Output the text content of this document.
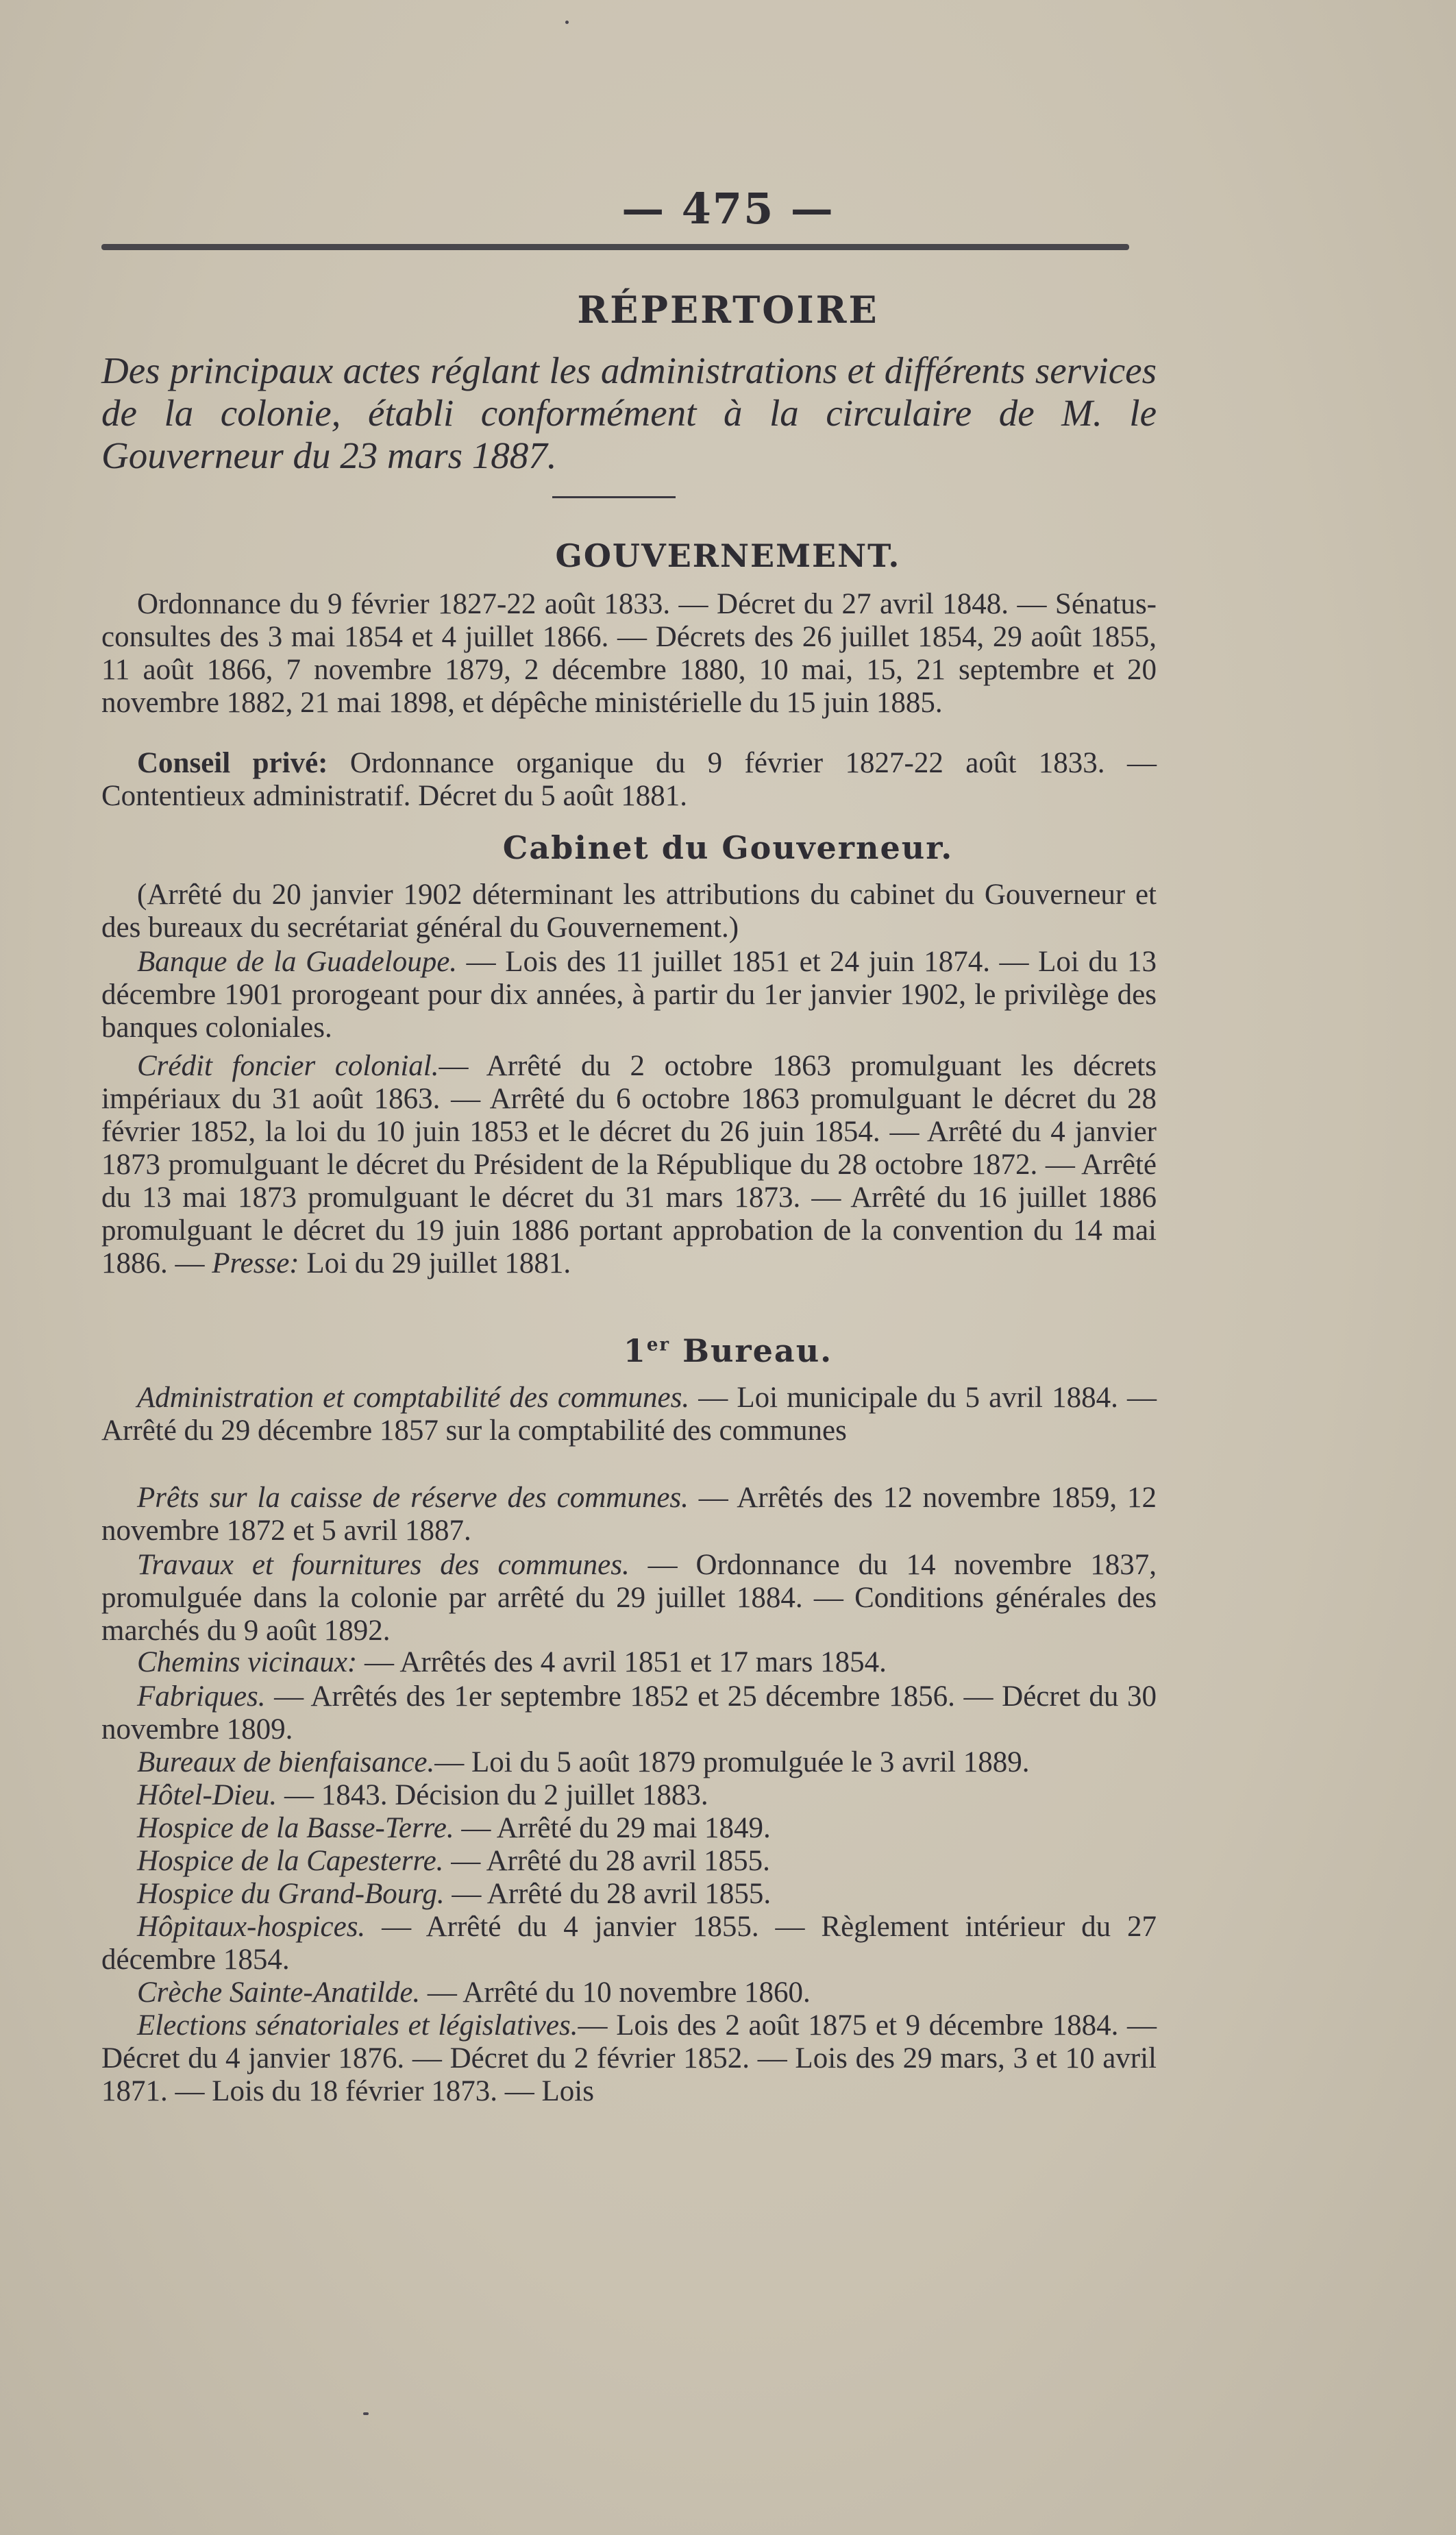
— 475 —
RÉPERTOIRE
Des principaux actes réglant les administrations et différents services de la colonie, établi conformément à la circulaire de M. le Gouverneur du 23 mars 1887.
GOUVERNEMENT.
Ordonnance du 9 février 1827-22 août 1833. — Décret du 27 avril 1848. — Sénatus-consultes des 3 mai 1854 et 4 juillet 1866. — Décrets des 26 juillet 1854, 29 août 1855, 11 août 1866, 7 novembre 1879, 2 décembre 1880, 10 mai, 15, 21 septembre et 20 novembre 1882, 21 mai 1898, et dépêche ministérielle du 15 juin 1885.
Conseil privé: Ordonnance organique du 9 février 1827-22 août 1833. — Contentieux administratif. Décret du 5 août 1881.
Cabinet du Gouverneur.
(Arrêté du 20 janvier 1902 déterminant les attributions du cabinet du Gouverneur et des bureaux du secrétariat général du Gouvernement.)
Banque de la Guadeloupe. — Lois des 11 juillet 1851 et 24 juin 1874. — Loi du 13 décembre 1901 prorogeant pour dix années, à partir du 1er janvier 1902, le privilège des banques coloniales.
Crédit foncier colonial.— Arrêté du 2 octobre 1863 promulguant les décrets impériaux du 31 août 1863. — Arrêté du 6 octobre 1863 promulguant le décret du 28 février 1852, la loi du 10 juin 1853 et le décret du 26 juin 1854. — Arrêté du 4 janvier 1873 promulguant le décret du Président de la République du 28 octobre 1872. — Arrêté du 13 mai 1873 promulguant le décret du 31 mars 1873. — Arrêté du 16 juillet 1886 promulguant le décret du 19 juin 1886 portant approbation de la convention du 14 mai 1886. — Presse: Loi du 29 juillet 1881.
1er Bureau.
Administration et comptabilité des communes. — Loi municipale du 5 avril 1884. — Arrêté du 29 décembre 1857 sur la comptabilité des communes
Prêts sur la caisse de réserve des communes. — Arrêtés des 12 novembre 1859, 12 novembre 1872 et 5 avril 1887.
Travaux et fournitures des communes. — Ordonnance du 14 novembre 1837, promulguée dans la colonie par arrêté du 29 juillet 1884. — Conditions générales des marchés du 9 août 1892.
Chemins vicinaux: — Arrêtés des 4 avril 1851 et 17 mars 1854.
Fabriques. — Arrêtés des 1er septembre 1852 et 25 décembre 1856. — Décret du 30 novembre 1809.
Bureaux de bienfaisance.— Loi du 5 août 1879 promulguée le 3 avril 1889.
Hôtel-Dieu. — 1843. Décision du 2 juillet 1883.
Hospice de la Basse-Terre. — Arrêté du 29 mai 1849.
Hospice de la Capesterre. — Arrêté du 28 avril 1855.
Hospice du Grand-Bourg. — Arrêté du 28 avril 1855.
Hôpitaux-hospices. — Arrêté du 4 janvier 1855. — Règlement intérieur du 27 décembre 1854.
Crèche Sainte-Anatilde. — Arrêté du 10 novembre 1860.
Elections sénatoriales et législatives.— Lois des 2 août 1875 et 9 décembre 1884. — Décret du 4 janvier 1876. — Décret du 2 février 1852. — Lois des 29 mars, 3 et 10 avril 1871. — Lois du 18 février 1873. — Lois
